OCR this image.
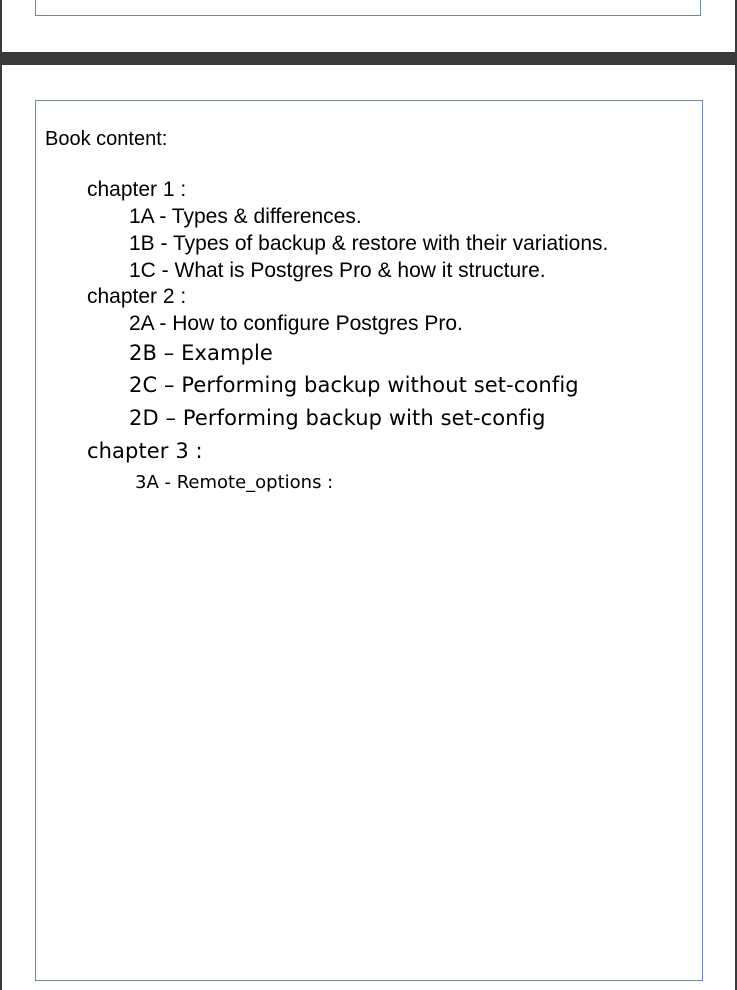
Book content:
chapter 1 :
1A - Types & differences.
1B - Types of backup & restore with their variations.
1C - What is Postgres Pro & how it structure.
chapter 2 :
2A - How to configure Postgres Pro.
2B – Example
2C – Performing backup without set-config
2D – Performing backup with set-config
chapter 3 :
3A - Remote_options :
